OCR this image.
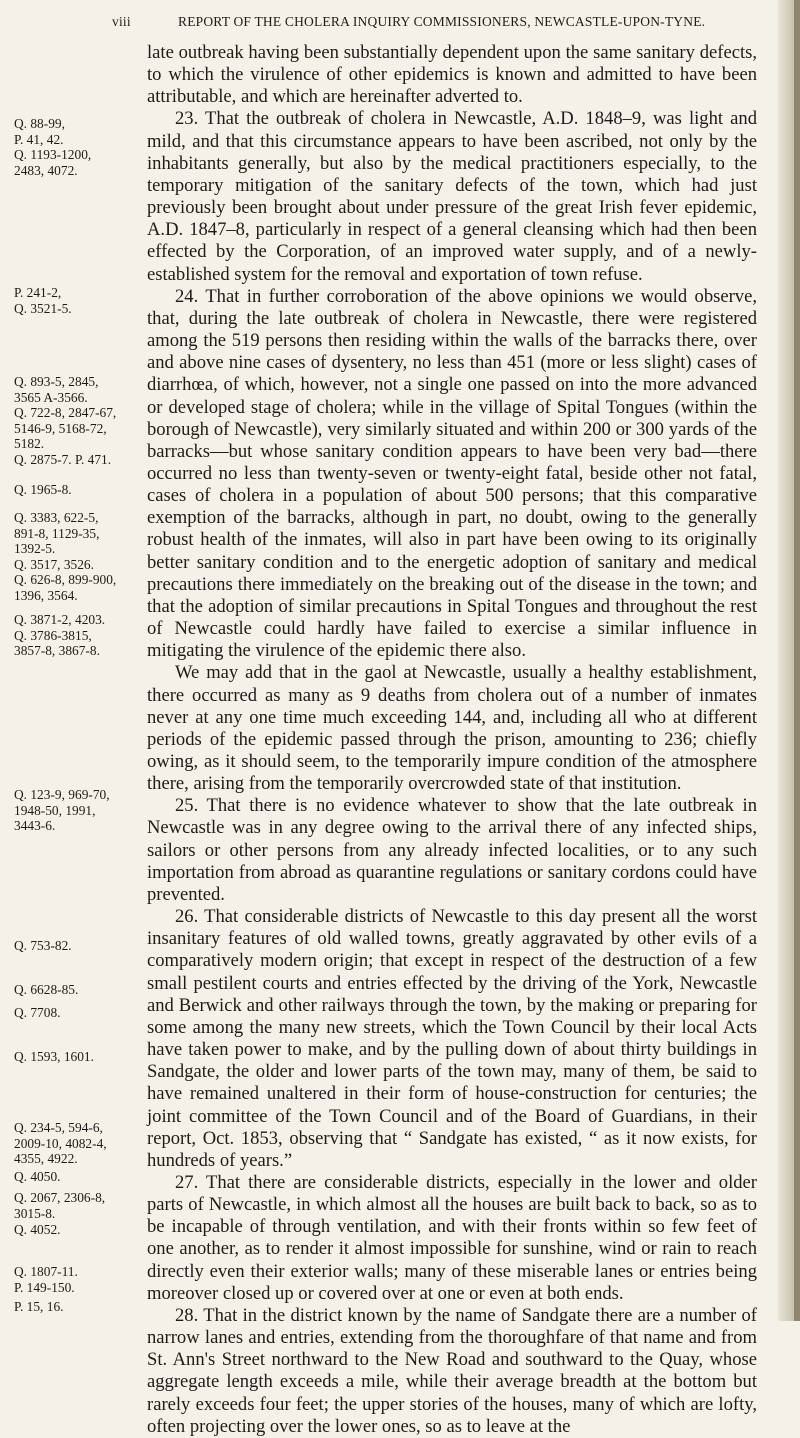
viii	REPORT OF THE CHOLERA INQUIRY COMMISSIONERS, NEWCASTLE-UPON-TYNE.

late outbreak having been substantially dependent upon the same sanitary defects, to which the virulence of other epidemics is known and admitted to have been attributable, and which are hereinafter adverted to.

23. That the outbreak of cholera in Newcastle, A.D. 1848–9, was light and mild, and that this circumstance appears to have been ascribed, not only by the inhabitants generally, but also by the medical practitioners especially, to the temporary mitigation of the sanitary defects of the town, which had just previously been brought about under pressure of the great Irish fever epidemic, A.D. 1847–8, particularly in respect of a general cleansing which had then been effected by the Corporation, of an improved water supply, and of a newly-established system for the removal and exportation of town refuse.

24. That in further corroboration of the above opinions we would observe, that, during the late outbreak of cholera in Newcastle, there were registered among the 519 persons then residing within the walls of the barracks there, over and above nine cases of dysentery, no less than 451 (more or less slight) cases of diarrhœa, of which, however, not a single one passed on into the more advanced or developed stage of cholera; while in the village of Spital Tongues (within the borough of Newcastle), very similarly situated and within 200 or 300 yards of the barracks—but whose sanitary condition appears to have been very bad—there occurred no less than twenty-seven or twenty-eight fatal, beside other not fatal, cases of cholera in a population of about 500 persons; that this comparative exemption of the barracks, although in part, no doubt, owing to the generally robust health of the inmates, will also in part have been owing to its originally better sanitary condition and to the energetic adoption of sanitary and medical precautions there immediately on the breaking out of the disease in the town; and that the adoption of similar precautions in Spital Tongues and throughout the rest of Newcastle could hardly have failed to exercise a similar influence in mitigating the virulence of the epidemic there also.

We may add that in the gaol at Newcastle, usually a healthy establishment, there occurred as many as 9 deaths from cholera out of a number of inmates never at any one time much exceeding 144, and, including all who at different periods of the epidemic passed through the prison, amounting to 236; chiefly owing, as it should seem, to the temporarily impure condition of the atmosphere there, arising from the temporarily overcrowded state of that institution.

25. That there is no evidence whatever to show that the late outbreak in Newcastle was in any degree owing to the arrival there of any infected ships, sailors or other persons from any already infected localities, or to any such importation from abroad as quarantine regulations or sanitary cordons could have prevented.

26. That considerable districts of Newcastle to this day present all the worst insanitary features of old walled towns, greatly aggravated by other evils of a comparatively modern origin; that except in respect of the destruction of a few small pestilent courts and entries effected by the driving of the York, Newcastle and Berwick and other railways through the town, by the making or preparing for some among the many new streets, which the Town Council by their local Acts have taken power to make, and by the pulling down of about thirty buildings in Sandgate, the older and lower parts of the town may, many of them, be said to have remained unaltered in their form of house-construction for centuries; the joint committee of the Town Council and of the Board of Guardians, in their report, Oct. 1853, observing that “ Sandgate has existed, “ as it now exists, for hundreds of years.”

27. That there are considerable districts, especially in the lower and older parts of Newcastle, in which almost all the houses are built back to back, so as to be incapable of through ventilation, and with their fronts within so few feet of one another, as to render it almost impossible for sunshine, wind or rain to reach directly even their exterior walls; many of these miserable lanes or entries being moreover closed up or covered over at one or even at both ends.

28. That in the district known by the name of Sandgate there are a number of narrow lanes and entries, extending from the thoroughfare of that name and from St. Ann's Street northward to the New Road and southward to the Quay, whose aggregate length exceeds a mile, while their average breadth at the bottom but rarely exceeds four feet; the upper stories of the houses, many of which are lofty, often projecting over the lower ones, so as to leave at the

Q. 88-99,
P. 41, 42.
Q. 1193-1200,
2483, 4072.
P. 241-2,
Q. 3521-5.
Q. 893-5, 2845,
3565 A-3566.
Q. 722-8, 2847-67,
5146-9, 5168-72,
5182.
Q. 2875-7. P. 471.
Q. 1965-8.
Q. 3383, 622-5,
891-8, 1129-35,
1392-5.
Q. 3517, 3526.
Q. 626-8, 899-900,
1396, 3564.
Q. 3871-2, 4203.
Q. 3786-3815,
3857-8, 3867-8.
Q. 123-9, 969-70,
1948-50, 1991,
3443-6.
Q. 753-82.
Q. 6628-85.
Q. 7708.
Q. 1593, 1601.
Q. 234-5, 594-6,
2009-10, 4082-4,
4355, 4922.
Q. 4050.
Q. 2067, 2306-8,
3015-8.
Q. 4052.
Q. 1807-11.
P. 149-150.
P. 15, 16.
